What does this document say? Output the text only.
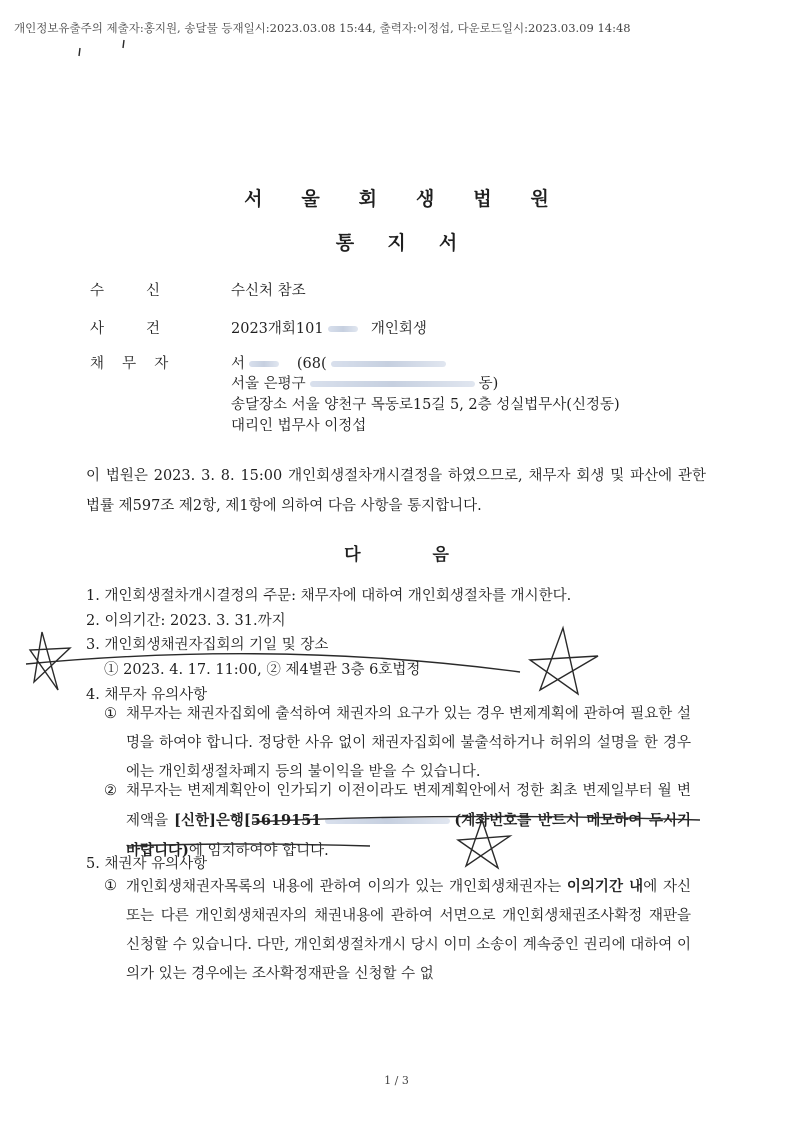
개인정보유출주의 제출자:홍지원, 송달물 등재일시:2023.03.08 15:44, 출력자:이정섭, 다운로드일시:2023.03.09 14:48
서 울 회 생 법 원
통 지 서
수신 수신처 참조
사건 2023개회101	개인회생
채무자	서	(68(
서울 은평구	동)
송달장소 서울 양천구 목동로15길 5, 2층 성실법무사(신정동)
대리인 법무사 이정섭
이 법원은 2023. 3. 8. 15:00 개인회생절차개시결정을 하였으므로, 채무자 회생 및 파산에 관한 법률 제597조 제2항, 제1항에 의하여 다음 사항을 통지합니다.
다	음
1. 개인회생절차개시결정의 주문: 채무자에 대하여 개인회생절차를 개시한다.
2. 이의기간: 2023. 3. 31.까지
3. 개인회생채권자집회의 기일 및 장소
① 2023. 4. 17. 11:00, ② 제4별관 3층 6호법정
4. 채무자 유의사항
① 채무자는 채권자집회에 출석하여 채권자의 요구가 있는 경우 변제계획에 관하여 필요한 설명을 하여야 합니다. 정당한 사유 없이 채권자집회에 불출석하거나 허위의 설명을 한 경우에는 개인회생절차폐지 등의 불이익을 받을 수 있습니다.
② 채무자는 변제계획안이 인가되기 이전이라도 변제계획안에서 정한 최초 변제일부터 월 변제액을 [신한]은행[5619151	(계좌번호를 반드시 메모하여 두시기 바랍니다)에 임치하여야 합니다.
5. 채권자 유의사항
① 개인회생채권자목록의 내용에 관하여 이의가 있는 개인회생채권자는 이의기간 내에 자신 또는 다른 개인회생채권자의 채권내용에 관하여 서면으로 개인회생채권조사확정 재판을 신청할 수 있습니다. 다만, 개인회생절차개시 당시 이미 소송이 계속중인 권리에 대하여 이의가 있는 경우에는 조사확정재판을 신청할 수 없
1 / 3
